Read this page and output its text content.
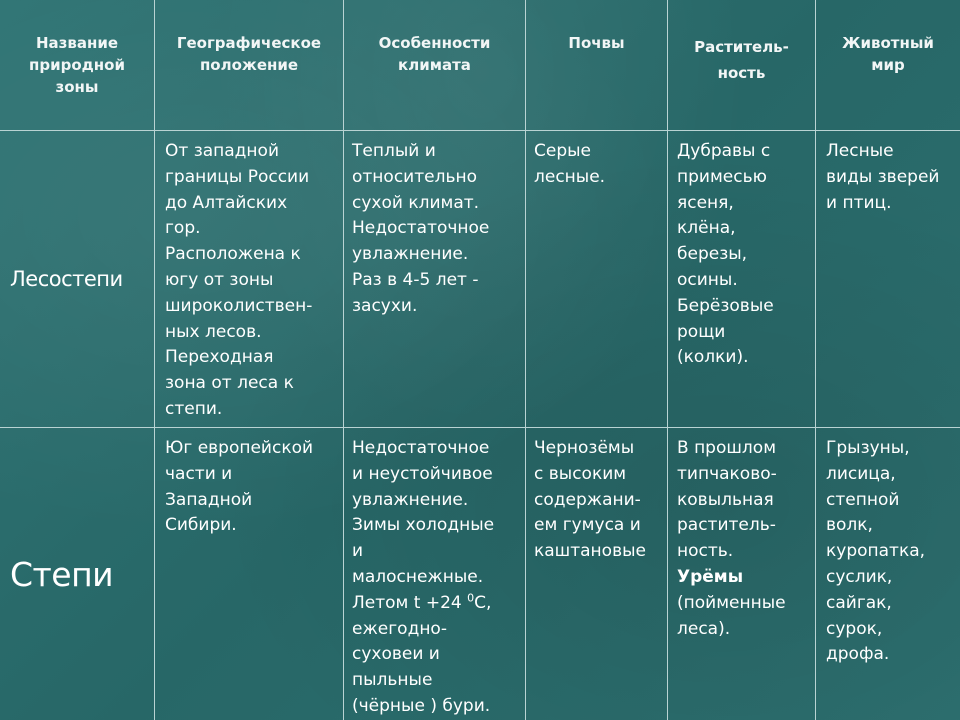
Название
природной
зоны
Географическое
положение
Особенности
климата
Почвы	Раститель-
ность
Животный
мир
Лесостепи
От западной
границы России
до Алтайских
гор.
Расположена к
югу от зоны
широколиствен-
ных лесов.
Переходная
зона от леса к
степи.
Теплый и
относительно
сухой климат.
Недостаточное
увлажнение.
Раз в 4-5 лет -
засухи.
Серые
лесные.
Дубравы с
примесью
ясеня,
клёна,
березы,
осины.
Берёзовые
рощи
(колки).
Лесные
виды зверей
и птиц.
Степи
Юг европейской
части и
Западной
Сибири.
Недостаточное
и неустойчивое
увлажнение.
Зимы холодные
и
малоснежные.
Летом t +24 $^0$С,
ежегодно-
суховеи и
пыльные
(чёрные ) бури.
Чернозёмы
с высоким
содержани-
ем гумуса и
каштановые
В прошлом
типчаково-
ковыльная
раститель-
ность.
Урёмы
(пойменные
леса).
Грызуны,
лисица,
степной
волк,
куропатка,
суслик,
сайгак,
сурок,
дрофа.
